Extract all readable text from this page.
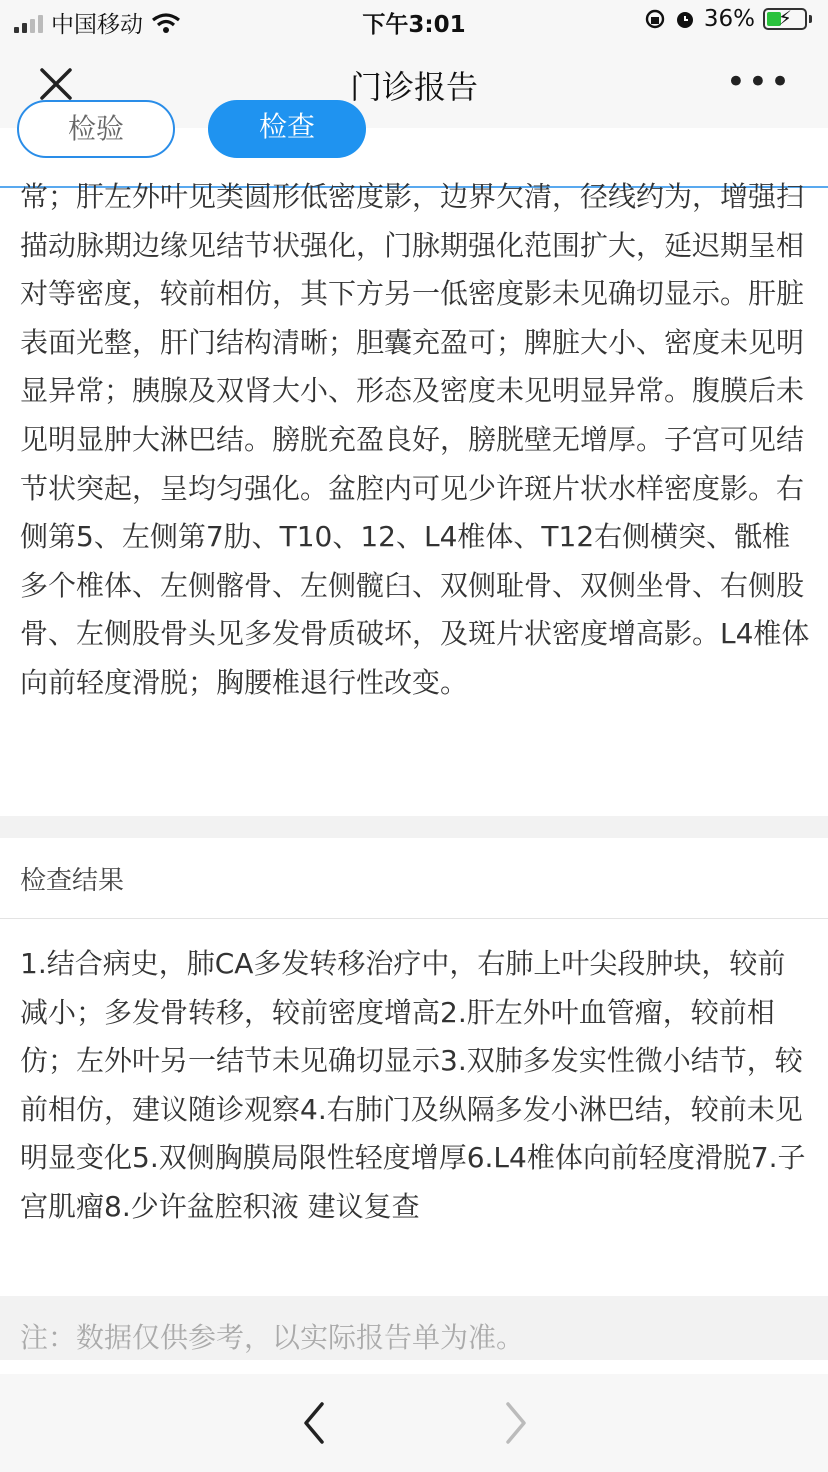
中国移动	下午3:01	36% ⚡
门诊报告	•••
检验	检查
常；肝左外叶见类圆形低密度影，边界欠清，径线约为，增强扫描动脉期边缘见结节状强化，门脉期强化范围扩大，延迟期呈相对等密度，较前相仿，其下方另一低密度影未见确切显示。肝脏表面光整，肝门结构清晰；胆囊充盈可；脾脏大小、密度未见明显异常；胰腺及双肾大小、形态及密度未见明显异常。腹膜后未见明显肿大淋巴结。膀胱充盈良好，膀胱壁无增厚。子宫可见结节状突起，呈均匀强化。盆腔内可见少许斑片状水样密度影。右侧第5、左侧第7肋、T10、12、L4椎体、T12右侧横突、骶椎多个椎体、左侧髂骨、左侧髋臼、双侧耻骨、双侧坐骨、右侧股骨、左侧股骨头见多发骨质破坏，及斑片状密度增高影。L4椎体向前轻度滑脱；胸腰椎退行性改变。
检查结果
1.结合病史，肺CA多发转移治疗中，右肺上叶尖段肿块，较前减小；多发骨转移，较前密度增高2.肝左外叶血管瘤，较前相仿；左外叶另一结节未见确切显示3.双肺多发实性微小结节，较前相仿，建议随诊观察4.右肺门及纵隔多发小淋巴结，较前未见明显变化5.双侧胸膜局限性轻度增厚6.L4椎体向前轻度滑脱7.子宫肌瘤8.少许盆腔积液 建议复查
注：数据仅供参考，以实际报告单为准。
